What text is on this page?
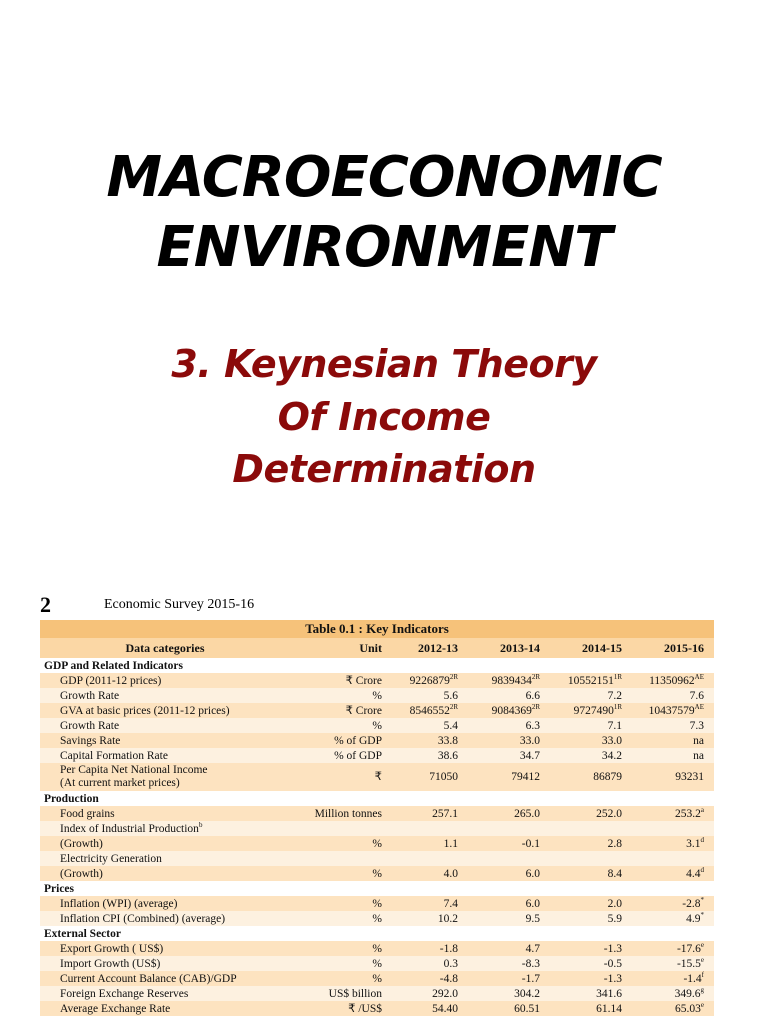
MACROECONOMIC
ENVIRONMENT
3. Keynesian Theory
Of Income
Determination
2	Economic Survey 2015-16
Table 0.1 : Key Indicators					
Data categories	Unit	2012-13	2013-14	2014-15	2015-16
GDP and Related Indicators					
GDP (2011-12 prices)	₹ Crore	$9226879^{2R}$	$9839434^{2R}$	$10552151^{1R}$	$11350962^{AE}$
Growth Rate	%	5.6	6.6	7.2	7.6
GVA at basic prices (2011-12 prices)	₹ Crore	$8546552^{2R}$	$9084369^{2R}$	$9727490^{1R}$	$10437579^{AE}$
Growth Rate	%	5.4	6.3	7.1	7.3
Savings Rate	% of GDP	33.8	33.0	33.0	na
Capital Formation Rate	% of GDP	38.6	34.7	34.2	na
Per Capita Net National Income
(At current market prices)	₹	71050	79412	86879	93231
Production					
Food grains	Million tonnes	257.1	265.0	252.0	253.2$^a$
Index of Industrial Production$^b$					
(Growth)	%	1.1	-0.1	2.8	3.1$^d$
Electricity Generation					
(Growth)	%	4.0	6.0	8.4	4.4$^d$
Prices					
Inflation (WPI) (average)	%	7.4	6.0	2.0	-2.8*
Inflation CPI (Combined) (average)	%	10.2	9.5	5.9	4.9*
External Sector					
Export Growth ( US$)	%	-1.8	4.7	-1.3	-17.6e
Import Growth (US$)	%	0.3	-8.3	-0.5	-15.5e
Current Account Balance (CAB)/GDP	%	-4.8	-1.7	-1.3	-1.4$^f$
Foreign Exchange Reserves	US$ billion	292.0	304.2	341.6	349.6$^g$
Average Exchange Rate	₹ /US$	54.40	60.51	61.14	65.03e
